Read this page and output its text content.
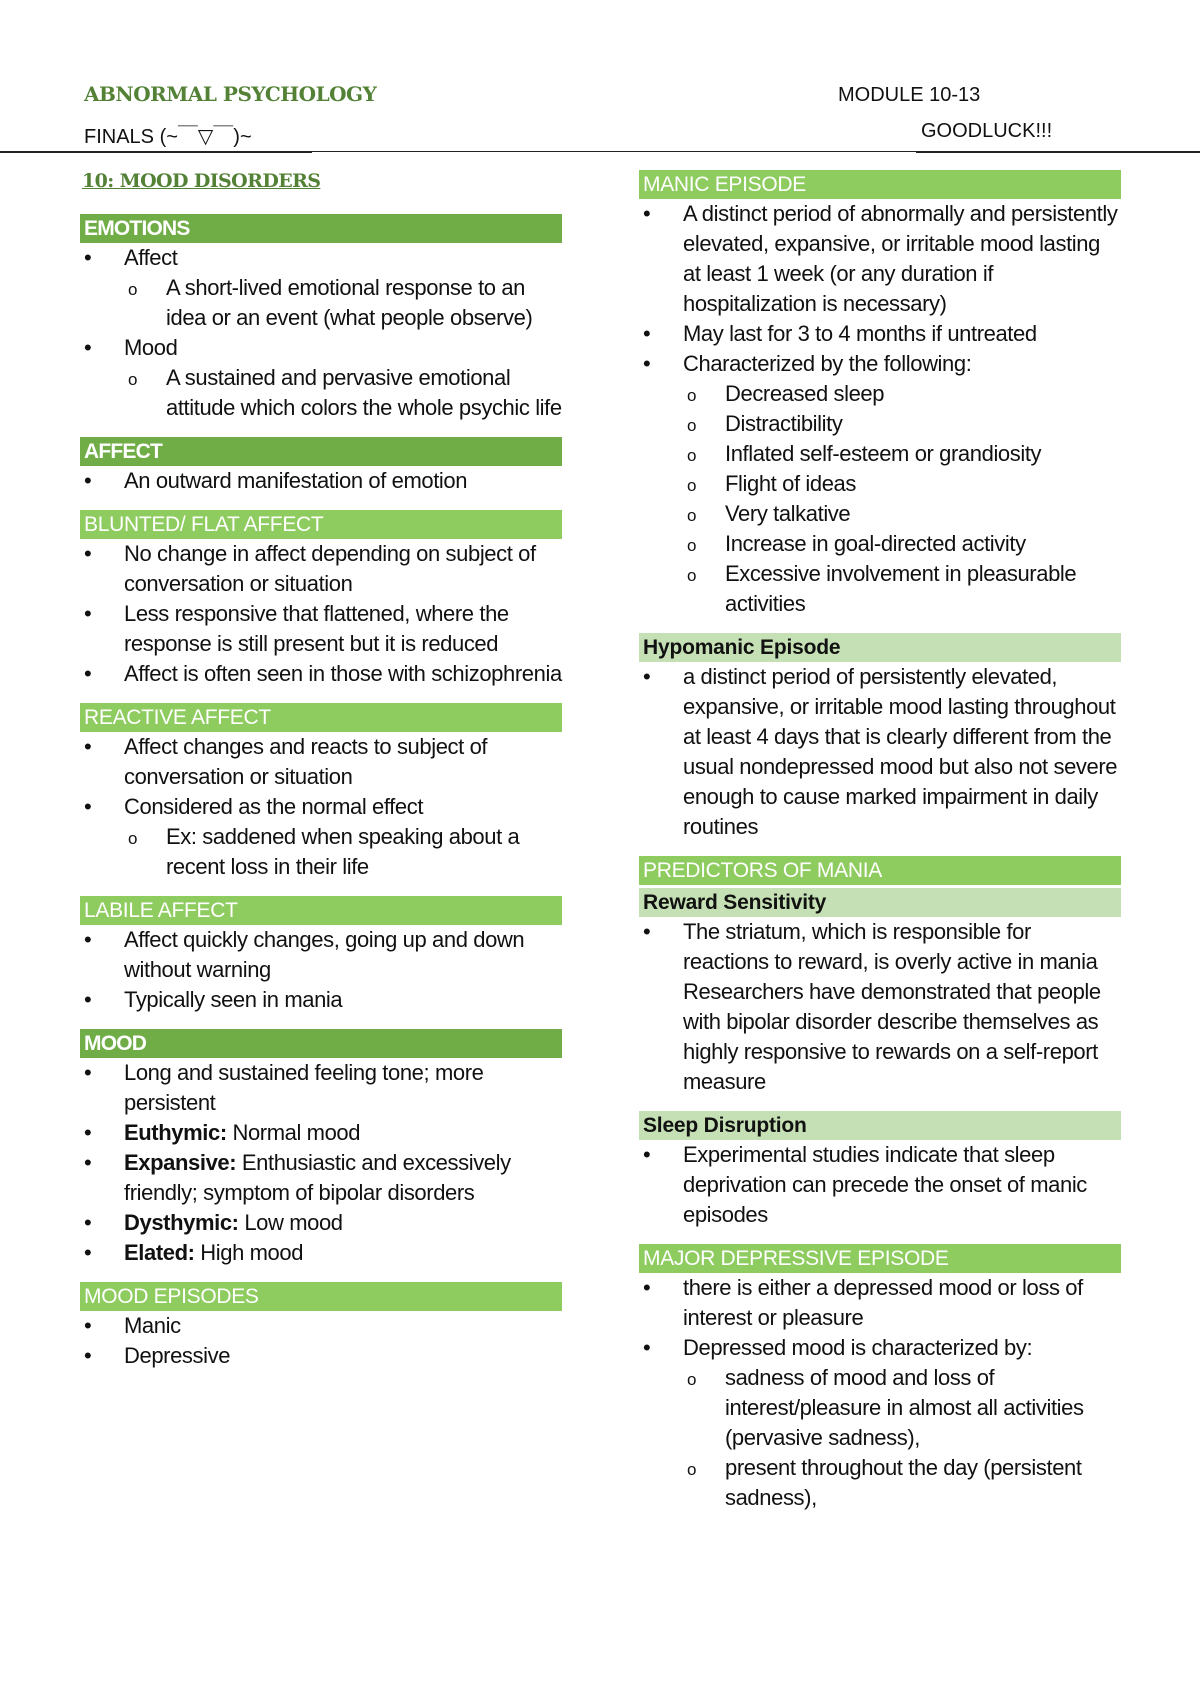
ABNORMAL PSYCHOLOGY	MODULE 10-13
FINALS (~￣▽￣)~	GOODLUCK!!!
10: MOOD DISORDERS
EMOTIONS
• Affect
o A short-lived emotional response to an idea or an event (what people observe)
• Mood
o A sustained and pervasive emotional attitude which colors the whole psychic life
AFFECT
• An outward manifestation of emotion
BLUNTED/ FLAT AFFECT
• No change in affect depending on subject of conversation or situation
• Less responsive that flattened, where the response is still present but it is reduced
• Affect is often seen in those with schizophrenia
REACTIVE AFFECT
• Affect changes and reacts to subject of conversation or situation
• Considered as the normal effect
o Ex: saddened when speaking about a recent loss in their life
LABILE AFFECT
• Affect quickly changes, going up and down without warning
• Typically seen in mania
MOOD
• Long and sustained feeling tone; more persistent
• Euthymic: Normal mood
• Expansive: Enthusiastic and excessively friendly; symptom of bipolar disorders
• Dysthymic: Low mood
• Elated: High mood
MOOD EPISODES
• Manic
• Depressive
MANIC EPISODE
• A distinct period of abnormally and persistently elevated, expansive, or irritable mood lasting at least 1 week (or any duration if hospitalization is necessary)
• May last for 3 to 4 months if untreated
• Characterized by the following:
o Decreased sleep
o Distractibility
o Inflated self-esteem or grandiosity
o Flight of ideas
o Very talkative
o Increase in goal-directed activity
o Excessive involvement in pleasurable activities
Hypomanic Episode
• a distinct period of persistently elevated, expansive, or irritable mood lasting throughout at least 4 days that is clearly different from the usual nondepressed mood but also not severe enough to cause marked impairment in daily routines
PREDICTORS OF MANIA
Reward Sensitivity
• The striatum, which is responsible for reactions to reward, is overly active in mania Researchers have demonstrated that people with bipolar disorder describe themselves as highly responsive to rewards on a self-report measure
Sleep Disruption
• Experimental studies indicate that sleep deprivation can precede the onset of manic episodes
MAJOR DEPRESSIVE EPISODE
• there is either a depressed mood or loss of interest or pleasure
• Depressed mood is characterized by:
o sadness of mood and loss of interest/pleasure in almost all activities (pervasive sadness),
o present throughout the day (persistent sadness),
